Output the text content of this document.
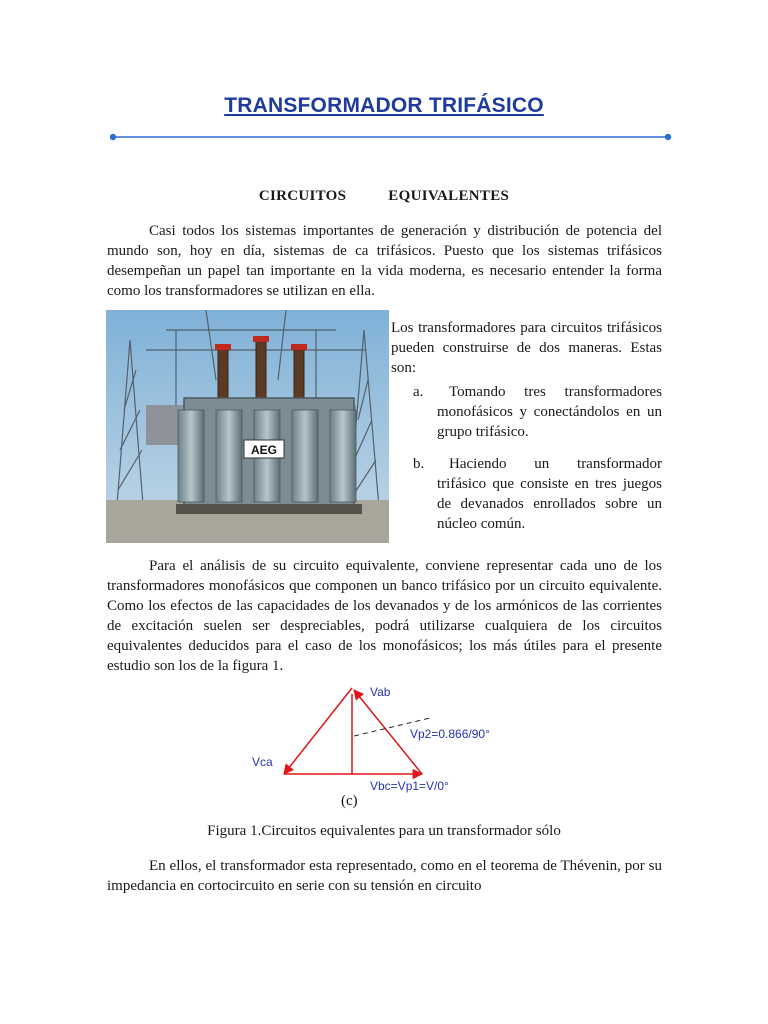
TRANSFORMADOR TRIFÁSICO
CIRCUITOS EQUIVALENTES

Casi todos los sistemas importantes de generación y distribución de potencia del mundo son, hoy en día, sistemas de ca trifásicos. Puesto que los sistemas trifásicos desempeñan un papel tan importante en la vida moderna, es necesario entender la forma como los transformadores se utilizan en ella.

AEG

Los transformadores para circuitos trifásicos pueden construirse de dos maneras. Estas son:

a.	Tomando tres transformadores monofásicos y conectándolos en un grupo trifásico.
b.	Haciendo un transformador trifásico que consiste en tres juegos de devanados enrollados sobre un núcleo común.

Para el análisis de su circuito equivalente, conviene representar cada uno de los transformadores monofásicos que componen un banco trifásico por un circuito equivalente. Como los efectos de las capacidades de los devanados y de los armónicos de las corrientes de excitación suelen ser despreciables, podrá utilizarse cualquiera de los circuitos equivalentes deducidos para el caso de los monofásicos; los más útiles para el presente estudio son los de la figura 1.

Vab
Vp2=0.866/90°
Vca
Vbc=Vp1=V/0°
(c)
Figura 1.Circuitos equivalentes para un transformador sólo

En ellos, el transformador esta representado, como en el teorema de Thévenin, por su impedancia en cortocircuito en serie con su tensión en circuito
